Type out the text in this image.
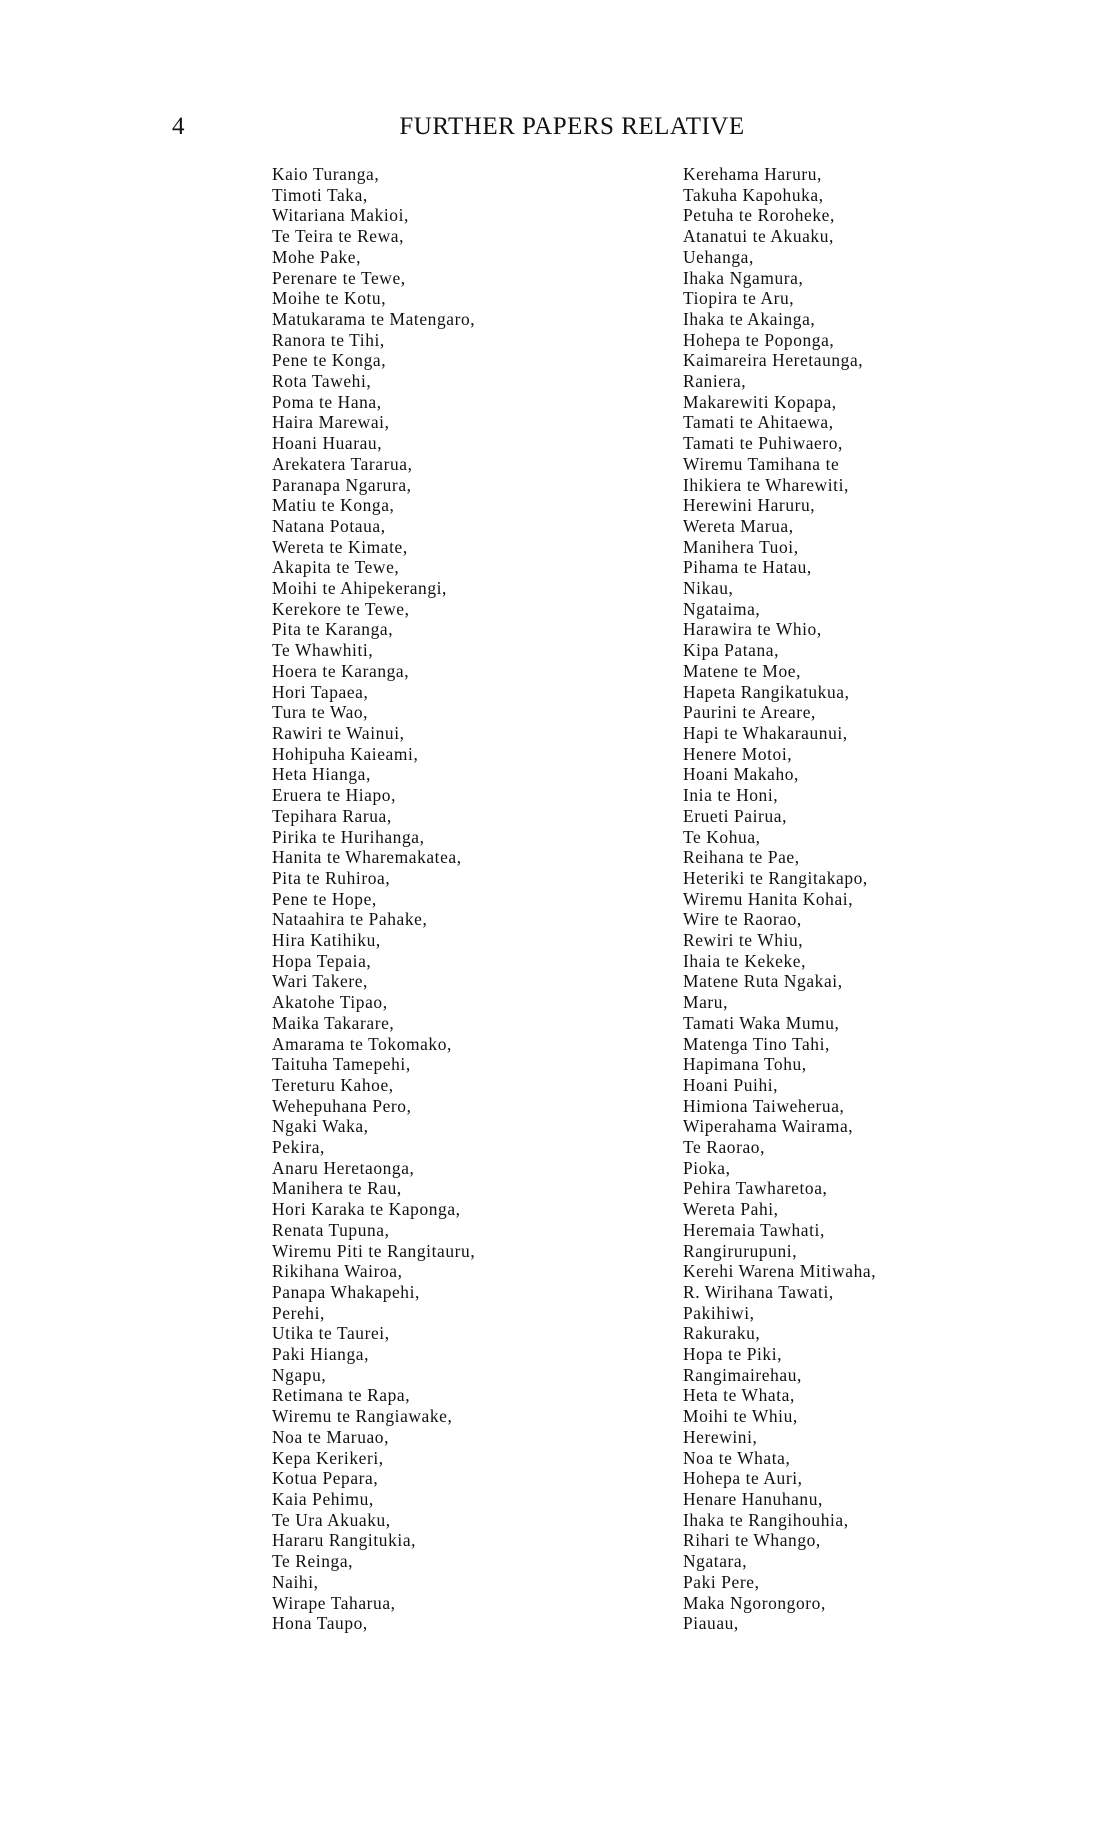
4	FURTHER PAPERS RELATIVE
Kaio Turanga,
Timoti Taka,
Witariana Makioi,
Te Teira te Rewa,
Mohe Pake,
Perenare te Tewe,
Moihe te Kotu,
Matukarama te Matengaro,
Ranora te Tihi,
Pene te Konga,
Rota Tawehi,
Poma te Hana,
Haira Marewai,
Hoani Huarau,
Arekatera Tararua,
Paranapa Ngarura,
Matiu te Konga,
Natana Potaua,
Wereta te Kimate,
Akapita te Tewe,
Moihi te Ahipekerangi,
Kerekore te Tewe,
Pita te Karanga,
Te Whawhiti,
Hoera te Karanga,
Hori Tapaea,
Tura te Wao,
Rawiri te Wainui,
Hohipuha Kaieami,
Heta Hianga,
Eruera te Hiapo,
Tepihara Rarua,
Pirika te Hurihanga,
Hanita te Wharemakatea,
Pita te Ruhiroa,
Pene te Hope,
Nataahira te Pahake,
Hira Katihiku,
Hopa Tepaia,
Wari Takere,
Akatohe Tipao,
Maika Takarare,
Amarama te Tokomako,
Taituha Tamepehi,
Tereturu Kahoe,
Wehepuhana Pero,
Ngaki Waka,
Pekira,
Anaru Heretaonga,
Manihera te Rau,
Hori Karaka te Kaponga,
Renata Tupuna,
Wiremu Piti te Rangitauru,
Rikihana Wairoa,
Panapa Whakapehi,
Perehi,
Utika te Taurei,
Paki Hianga,
Ngapu,
Retimana te Rapa,
Wiremu te Rangiawake,
Noa te Maruao,
Kepa Kerikeri,
Kotua Pepara,
Kaia Pehimu,
Te Ura Akuaku,
Hararu Rangitukia,
Te Reinga,
Naihi,
Wirape Taharua,
Hona Taupo,
Kerehama Haruru,
Takuha Kapohuka,
Petuha te Roroheke,
Atanatui te Akuaku,
Uehanga,
Ihaka Ngamura,
Tiopira te Aru,
Ihaka te Akainga,
Hohepa te Poponga,
Kaimareira Heretaunga,
Raniera,
Makarewiti Kopapa,
Tamati te Ahitaewa,
Tamati te Puhiwaero,
Wiremu Tamihana te
Ihikiera te Wharewiti,
Herewini Haruru,
Wereta Marua,
Manihera Tuoi,
Pihama te Hatau,
Nikau,
Ngataima,
Harawira te Whio,
Kipa Patana,
Matene te Moe,
Hapeta Rangikatukua,
Paurini te Areare,
Hapi te Whakaraunui,
Henere Motoi,
Hoani Makaho,
Inia te Honi,
Erueti Pairua,
Te Kohua,
Reihana te Pae,
Heteriki te Rangitakapo,
Wiremu Hanita Kohai,
Wire te Raorao,
Rewiri te Whiu,
Ihaia te Kekeke,
Matene Ruta Ngakai,
Maru,
Tamati Waka Mumu,
Matenga Tino Tahi,
Hapimana Tohu,
Hoani Puihi,
Himiona Taiweherua,
Wiperahama Wairama,
Te Raorao,
Pioka,
Pehira Tawharetoa,
Wereta Pahi,
Heremaia Tawhati,
Rangirurupuni,
Kerehi Warena Mitiwaha,
R. Wirihana Tawati,
Pakihiwi,
Rakuraku,
Hopa te Piki,
Rangimairehau,
Heta te Whata,
Moihi te Whiu,
Herewini,
Noa te Whata,
Hohepa te Auri,
Henare Hanuhanu,
Ihaka te Rangihouhia,
Rihari te Whango,
Ngatara,
Paki Pere,
Maka Ngorongoro,
Piauau,
